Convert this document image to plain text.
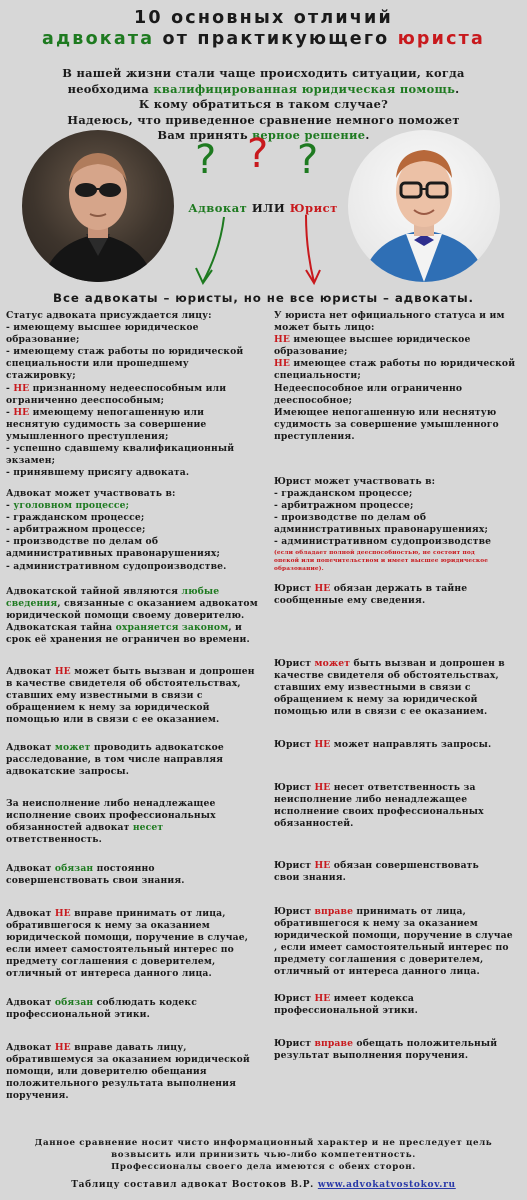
10 основных отличий
адвоката от практикующего юриста
В нашей жизни стали чаще происходить ситуации, когда
необходима квалифицированная юридическая помощь.
К кому обратиться в таком случае?
Надеюсь, что приведенное сравнение немного поможет
Вам принять верное решение.
? ? ?
Адвокат ИЛИ Юрист
Все адвокаты – юристы, но не все юристы – адвокаты.
Статус адвоката присуждается лицу:
- имеющему высшее юридическое
образование;
- имеющему стаж работы по юридической
специальности или прошедшему
стажировку;
- НЕ признанному недееспособным или
ограниченно дееспособным;
- НЕ имеющему непогашенную или
неснятую судимость за совершение
умышленного преступления;
- успешно сдавшему квалификационный
экзамен;
- принявшему присягу адвоката.
У юриста нет официального статуса и им
может быть лицо:
НЕ имеющее высшее юридическое
образование;
НЕ имеющее стаж работы по юридической
специальности;
Недееспособное или ограниченно
дееспособное;
Имеющее непогашенную или неснятую
судимость за совершение умышленного
преступления.
Адвокат может участвовать в:
- уголовном процессе;
- гражданском процессе;
- арбитражном процессе;
- производстве по делам об
административных правонарушениях;
- административном судопроизводстве.
Юрист может участвовать в:
- гражданском процессе;
- арбитражном процессе;
- производстве по делам об
административных правонарушениях;
- административном судопроизводстве
(если обладает полной дееспособностью, не состоит под
опекой или попечительством и имеет высшее юридическое
образование).
Адвокатской тайной являются любые
сведения, связанные с оказанием адвокатом
юридической помощи своему доверителю.
Адвокатская тайна охраняется законом, и
срок её хранения не ограничен во времени.
Юрист НЕ обязан держать в тайне
сообщенные ему сведения.
Адвокат НЕ может быть вызван и допрошен
в качестве свидетеля об обстоятельствах,
ставших ему известными в связи с
обращением к нему за юридической
помощью или в связи с ее оказанием.
Юрист может быть вызван и допрошен в
качестве свидетеля об обстоятельствах,
ставших ему известными в связи с
обращением к нему за юридической
помощью или в связи с ее оказанием.
Адвокат может проводить адвокатское
расследование, в том числе направляя
адвокатские запросы.
Юрист НЕ может направлять запросы.
За неисполнение либо ненадлежащее
исполнение своих профессиональных
обязанностей адвокат несет
ответственность.
Юрист НЕ несет ответственность за
неисполнение либо ненадлежащее
исполнение своих профессиональных
обязанностей.
Адвокат обязан постоянно
совершенствовать свои знания.
Юрист НЕ обязан совершенствовать
свои знания.
Адвокат НЕ вправе принимать от лица,
обратившегося к нему за оказанием
юридической помощи, поручение в случае,
если имеет самостоятельный интерес по
предмету соглашения с доверителем,
отличный от интереса данного лица.
Юрист вправе принимать от лица,
обратившегося к нему за оказанием
юридической помощи, поручение в случае
, если имеет самостоятельный интерес по
предмету соглашения с доверителем,
отличный от интереса данного лица.
Адвокат обязан соблюдать кодекс
профессиональной этики.
Юрист НЕ имеет кодекса
профессиональной этики.
Адвокат НЕ вправе давать лицу,
обратившемуся за оказанием юридической
помощи, или доверителю обещания
положительного результата выполнения
поручения.
Юрист вправе обещать положительный
результат выполнения поручения.
Данное сравнение носит чисто информационный характер и не преследует цель
возвысить или принизить чью-либо компетентность.
Профессионалы своего дела имеются с обеих сторон.
Таблицу составил адвокат Востоков В.Р. www.advokatvostokov.ru
